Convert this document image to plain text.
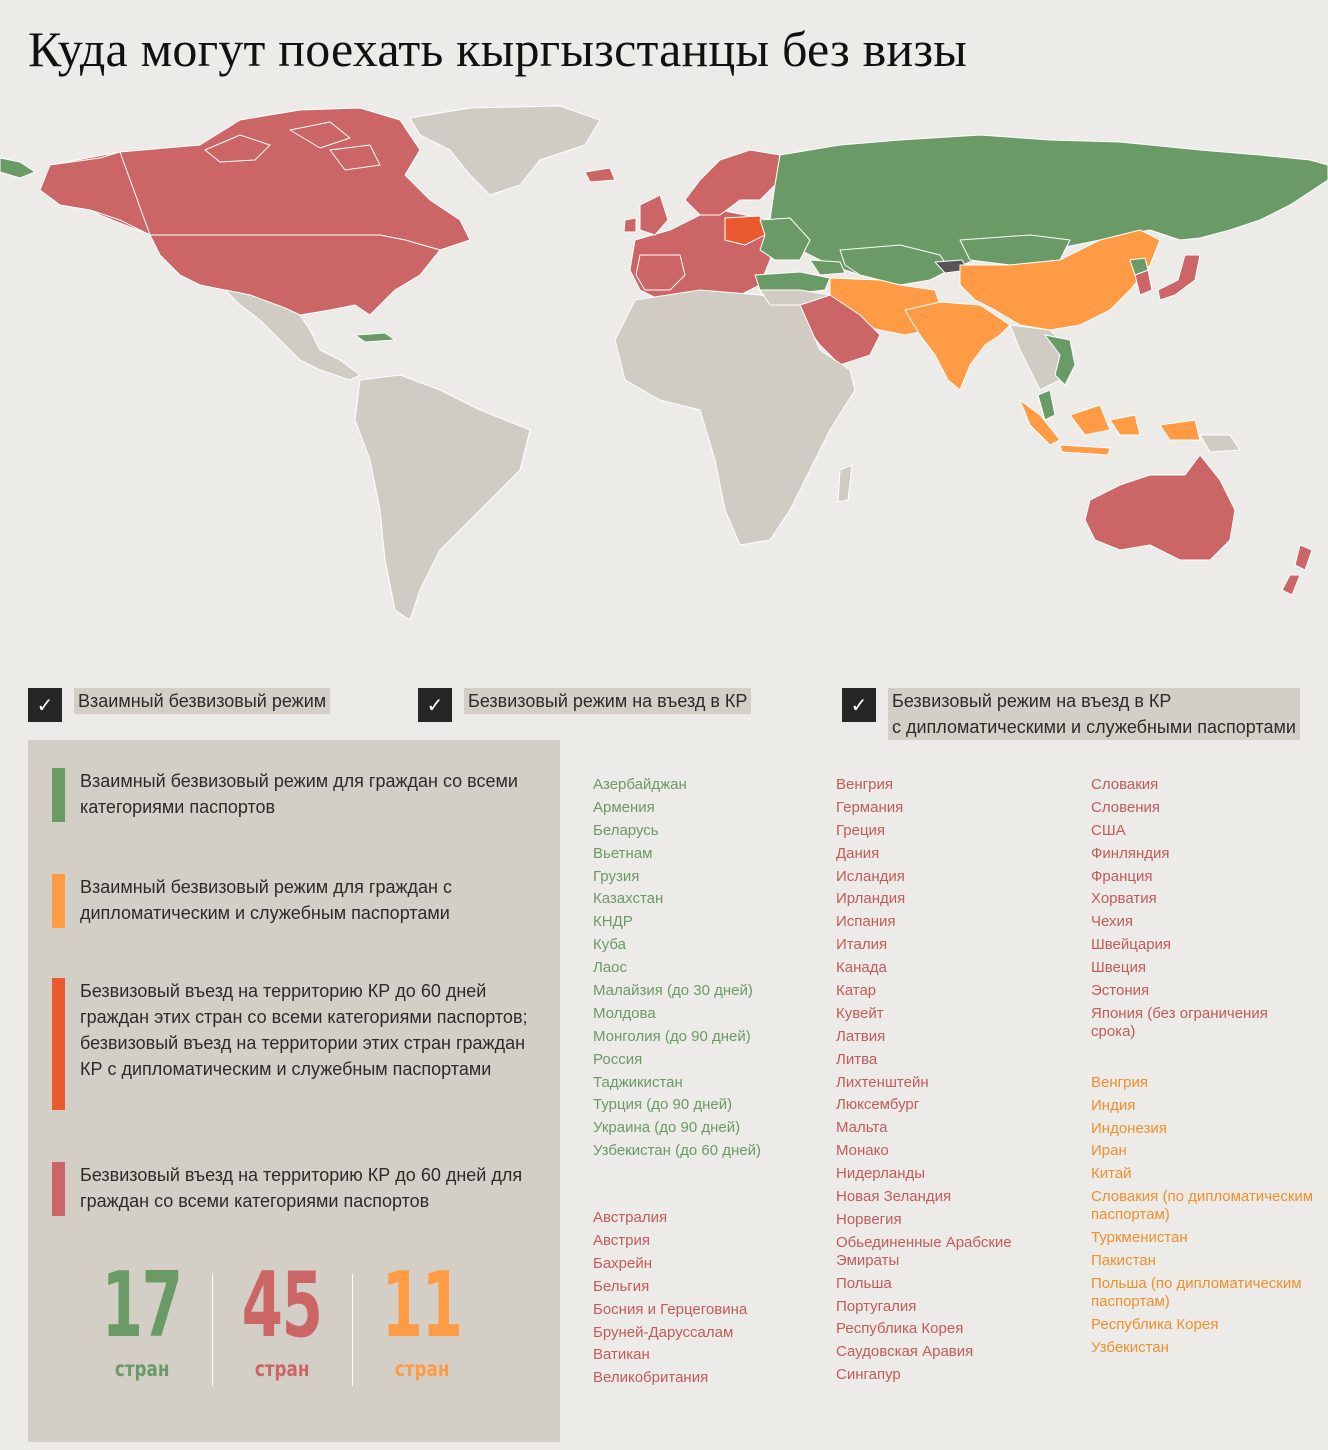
Куда могут поехать кыргызстанцы без визы
✓	Взаимный безвизовый режим	✓	Безвизовый режим на въезд в КР	✓	Безвизовый режим на въезд в КР
с дипломатическими и служебными паспортами
Взаимный безвизовый режим для граждан со всеми категориями паспортов
Взаимный безвизовый режим для граждан с дипломатическим и служебным паспортами
Безвизовый въезд на территорию КР до 60 дней граждан этих стран со всеми категориями паспортов; безвизовый въезд на территории этих стран граждан КР с дипломатическим и служебным паспортами
Безвизовый въезд на территорию КР до 60 дней для граждан со всеми категориями паспортов
17
стран
45
стран
11
стран
Азербайджан
Армения
Беларусь
Вьетнам
Грузия
Казахстан
КНДР
Куба
Лаос
Малайзия (до 30 дней)
Молдова
Монголия (до 90 дней)
Россия
Таджикистан
Турция (до 90 дней)
Украина (до 90 дней)
Узбекистан (до 60 дней)
Австралия
Австрия
Бахрейн
Бельгия
Босния и Герцеговина
Бруней-Даруссалам
Ватикан
Великобритания
Венгрия
Германия
Греция
Дания
Исландия
Ирландия
Испания
Италия
Канада
Катар
Кувейт
Латвия
Литва
Лихтенштейн
Люксембург
Мальта
Монако
Нидерланды
Новая Зеландия
Норвегия
Обьединенные Арабские Эмираты
Польша
Португалия
Республика Корея
Саудовская Аравия
Сингапур
Словакия
Словения
США
Финляндия
Франция
Хорватия
Чехия
Швейцария
Швеция
Эстония
Япония (без ограничения срока)
Венгрия
Индия
Индонезия
Иран
Китай
Словакия (по дипломатическим паспортам)
Туркменистан
Пакистан
Польша (по дипломатическим паспортам)
Республика Корея
Узбекистан
